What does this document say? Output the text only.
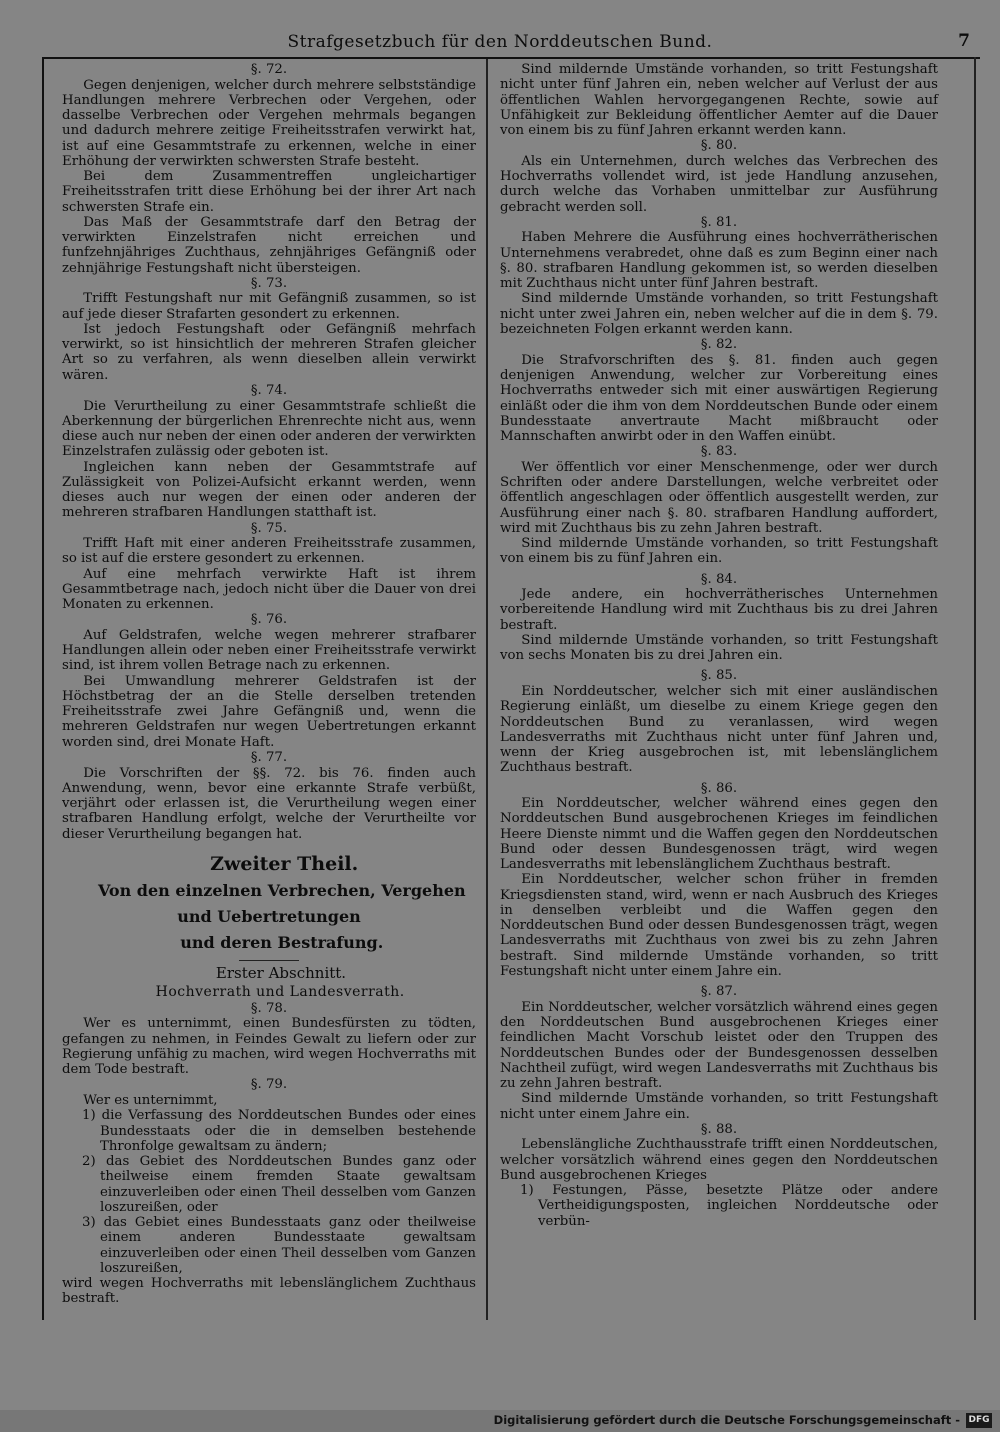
Strafgesetzbuch für den Norddeutschen Bund.	7

§. 72.

Gegen denjenigen, welcher durch mehrere selbstständige Handlungen mehrere Verbrechen oder Vergehen, oder dasselbe Verbrechen oder Vergehen mehrmals begangen und dadurch mehrere zeitige Freiheitsstrafen verwirkt hat, ist auf eine Gesammtstrafe zu erkennen, welche in einer Erhöhung der verwirkten schwersten Strafe besteht.

Bei dem Zusammentreffen ungleichartiger Freiheitsstrafen tritt diese Erhöhung bei der ihrer Art nach schwersten Strafe ein.

Das Maß der Gesammtstrafe darf den Betrag der verwirkten Einzelstrafen nicht erreichen und funfzehnjähriges Zuchthaus, zehnjähriges Gefängniß oder zehnjährige Festungshaft nicht übersteigen.

§. 73.

Trifft Festungshaft nur mit Gefängniß zusammen, so ist auf jede dieser Strafarten gesondert zu erkennen.

Ist jedoch Festungshaft oder Gefängniß mehrfach verwirkt, so ist hinsichtlich der mehreren Strafen gleicher Art so zu verfahren, als wenn dieselben allein verwirkt wären.

§. 74.

Die Verurtheilung zu einer Gesammtstrafe schließt die Aberkennung der bürgerlichen Ehrenrechte nicht aus, wenn diese auch nur neben der einen oder anderen der verwirkten Einzelstrafen zulässig oder geboten ist.

Ingleichen kann neben der Gesammtstrafe auf Zulässigkeit von Polizei-Aufsicht erkannt werden, wenn dieses auch nur wegen der einen oder anderen der mehreren strafbaren Handlungen statthaft ist.

§. 75.

Trifft Haft mit einer anderen Freiheitsstrafe zusammen, so ist auf die erstere gesondert zu erkennen.

Auf eine mehrfach verwirkte Haft ist ihrem Gesammtbetrage nach, jedoch nicht über die Dauer von drei Monaten zu erkennen.

§. 76.

Auf Geldstrafen, welche wegen mehrerer strafbarer Handlungen allein oder neben einer Freiheitsstrafe verwirkt sind, ist ihrem vollen Betrage nach zu erkennen.

Bei Umwandlung mehrerer Geldstrafen ist der Höchstbetrag der an die Stelle derselben tretenden Freiheitsstrafe zwei Jahre Gefängniß und, wenn die mehreren Geldstrafen nur wegen Uebertretungen erkannt worden sind, drei Monate Haft.

§. 77.

Die Vorschriften der §§. 72. bis 76. finden auch Anwendung, wenn, bevor eine erkannte Strafe verbüßt, verjährt oder erlassen ist, die Verurtheilung wegen einer strafbaren Handlung erfolgt, welche der Verurtheilte vor dieser Verurtheilung begangen hat.

Zweiter Theil.

Von den einzelnen Verbrechen, Vergehen und Uebertretungen

und deren Bestrafung.

Erster Abschnitt.

Hochverrath und Landesverrath.

§. 78.

Wer es unternimmt, einen Bundesfürsten zu tödten, gefangen zu nehmen, in Feindes Gewalt zu liefern oder zur Regierung unfähig zu machen, wird wegen Hochverraths mit dem Tode bestraft.

§. 79.

Wer es unternimmt,

1) die Verfassung des Norddeutschen Bundes oder eines Bundesstaats oder die in demselben bestehende Thronfolge gewaltsam zu ändern;

2) das Gebiet des Norddeutschen Bundes ganz oder theilweise einem fremden Staate gewaltsam einzuverleiben oder einen Theil desselben vom Ganzen loszureißen, oder

3) das Gebiet eines Bundesstaats ganz oder theilweise einem anderen Bundesstaate gewaltsam einzuverleiben oder einen Theil desselben vom Ganzen loszureißen,

wird wegen Hochverraths mit lebenslänglichem Zuchthaus bestraft.

Sind mildernde Umstände vorhanden, so tritt Festungshaft nicht unter fünf Jahren ein, neben welcher auf Verlust der aus öffentlichen Wahlen hervorgegangenen Rechte, sowie auf Unfähigkeit zur Bekleidung öffentlicher Aemter auf die Dauer von einem bis zu fünf Jahren erkannt werden kann.

§. 80.

Als ein Unternehmen, durch welches das Verbrechen des Hochverraths vollendet wird, ist jede Handlung anzusehen, durch welche das Vorhaben unmittelbar zur Ausführung gebracht werden soll.

§. 81.

Haben Mehrere die Ausführung eines hochverrätherischen Unternehmens verabredet, ohne daß es zum Beginn einer nach §. 80. strafbaren Handlung gekommen ist, so werden dieselben mit Zuchthaus nicht unter fünf Jahren bestraft.

Sind mildernde Umstände vorhanden, so tritt Festungshaft nicht unter zwei Jahren ein, neben welcher auf die in dem §. 79. bezeichneten Folgen erkannt werden kann.

§. 82.

Die Strafvorschriften des §. 81. finden auch gegen denjenigen Anwendung, welcher zur Vorbereitung eines Hochverraths entweder sich mit einer auswärtigen Regierung einläßt oder die ihm von dem Norddeutschen Bunde oder einem Bundesstaate anvertraute Macht mißbraucht oder Mannschaften anwirbt oder in den Waffen einübt.

§. 83.

Wer öffentlich vor einer Menschenmenge, oder wer durch Schriften oder andere Darstellungen, welche verbreitet oder öffentlich angeschlagen oder öffentlich ausgestellt werden, zur Ausführung einer nach §. 80. strafbaren Handlung auffordert, wird mit Zuchthaus bis zu zehn Jahren bestraft.

Sind mildernde Umstände vorhanden, so tritt Festungshaft von einem bis zu fünf Jahren ein.

§. 84.

Jede andere, ein hochverrätherisches Unternehmen vorbereitende Handlung wird mit Zuchthaus bis zu drei Jahren bestraft.

Sind mildernde Umstände vorhanden, so tritt Festungshaft von sechs Monaten bis zu drei Jahren ein.

§. 85.

Ein Norddeutscher, welcher sich mit einer ausländischen Regierung einläßt, um dieselbe zu einem Kriege gegen den Norddeutschen Bund zu veranlassen, wird wegen Landesverraths mit Zuchthaus nicht unter fünf Jahren und, wenn der Krieg ausgebrochen ist, mit lebenslänglichem Zuchthaus bestraft.

§. 86.

Ein Norddeutscher, welcher während eines gegen den Norddeutschen Bund ausgebrochenen Krieges im feindlichen Heere Dienste nimmt und die Waffen gegen den Norddeutschen Bund oder dessen Bundesgenossen trägt, wird wegen Landesverraths mit lebenslänglichem Zuchthaus bestraft.

Ein Norddeutscher, welcher schon früher in fremden Kriegsdiensten stand, wird, wenn er nach Ausbruch des Krieges in denselben verbleibt und die Waffen gegen den Norddeutschen Bund oder dessen Bundesgenossen trägt, wegen Landesverraths mit Zuchthaus von zwei bis zu zehn Jahren bestraft. Sind mildernde Umstände vorhanden, so tritt Festungshaft nicht unter einem Jahre ein.

§. 87.

Ein Norddeutscher, welcher vorsätzlich während eines gegen den Norddeutschen Bund ausgebrochenen Krieges einer feindlichen Macht Vorschub leistet oder den Truppen des Norddeutschen Bundes oder der Bundesgenossen desselben Nachtheil zufügt, wird wegen Landesverraths mit Zuchthaus bis zu zehn Jahren bestraft.

Sind mildernde Umstände vorhanden, so tritt Festungshaft nicht unter einem Jahre ein.

§. 88.

Lebenslängliche Zuchthausstrafe trifft einen Norddeutschen, welcher vorsätzlich während eines gegen den Norddeutschen Bund ausgebrochenen Krieges

1) Festungen, Pässe, besetzte Plätze oder andere Vertheidigungsposten, ingleichen Norddeutsche oder verbün-

Digitalisierung gefördert durch die Deutsche Forschungsgemeinschaft - DFG
